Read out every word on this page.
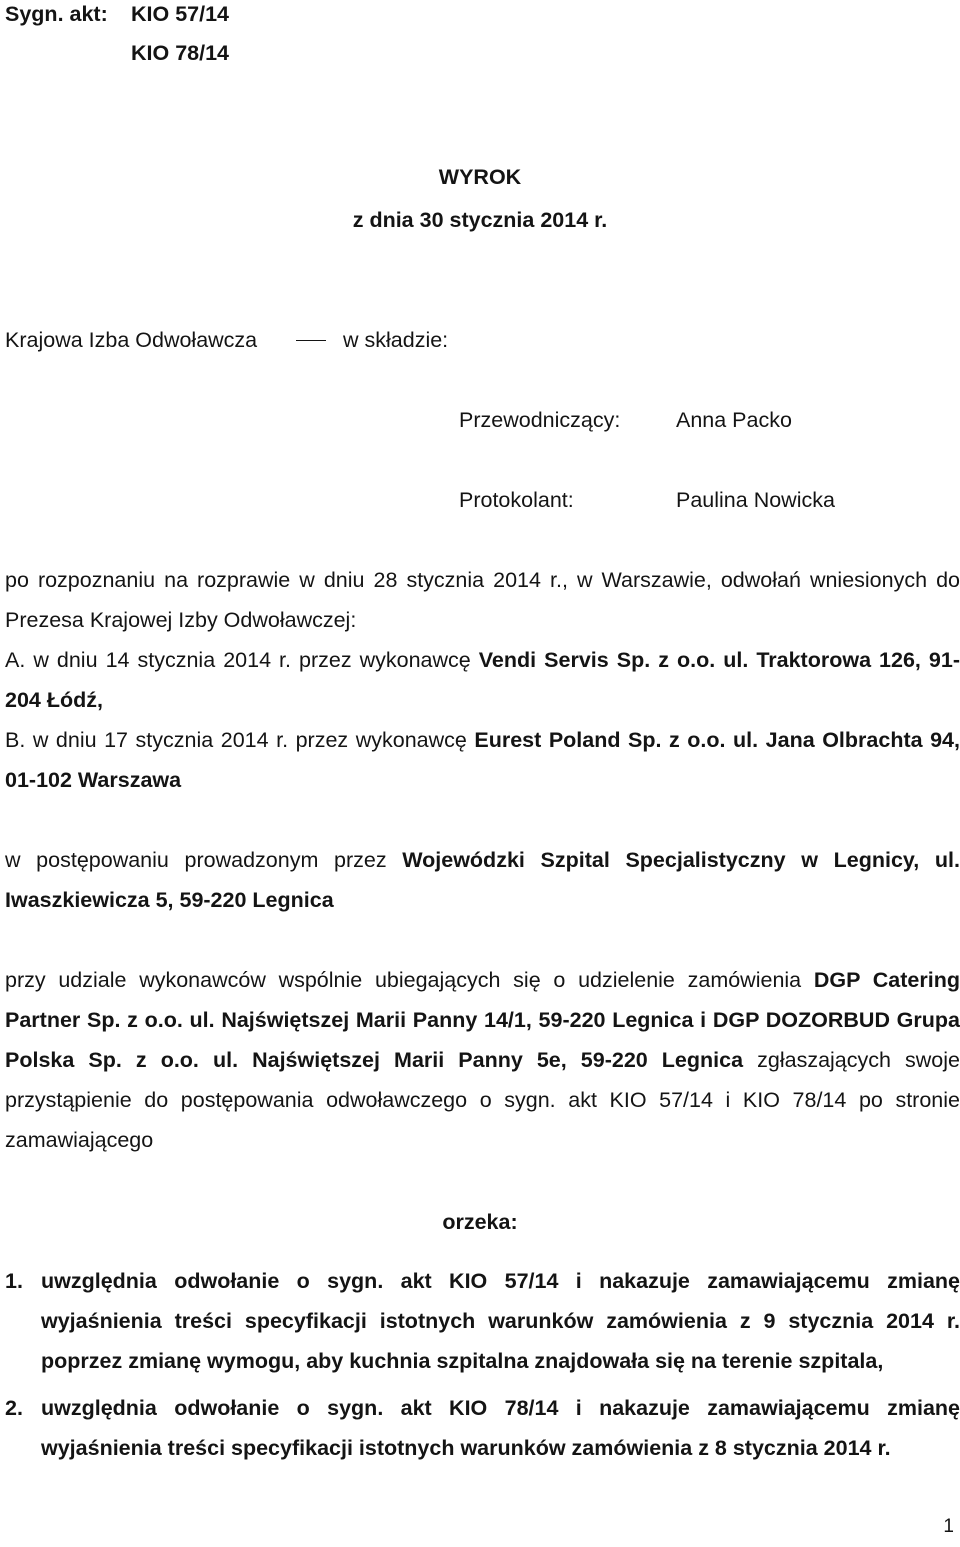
Sygn. akt: KIO 57/14
KIO 78/14
WYROK
z dnia 30 stycznia 2014 r.
Krajowa Izba Odwoławcza	w składzie:
Przewodniczący:	Anna Packo
Protokolant:	Paulina Nowicka
po rozpoznaniu na rozprawie w dniu 28 stycznia 2014 r., w Warszawie, odwołań wniesionych do Prezesa Krajowej Izby Odwoławczej:
A. w dniu 14 stycznia 2014 r. przez wykonawcę Vendi Servis Sp. z o.o. ul. Traktorowa 126, 91-204 Łódź,
B. w dniu 17 stycznia 2014 r. przez wykonawcę Eurest Poland Sp. z o.o. ul. Jana Olbrachta 94, 01-102 Warszawa
w postępowaniu prowadzonym przez Wojewódzki Szpital Specjalistyczny w Legnicy, ul. Iwaszkiewicza 5, 59-220 Legnica
przy udziale wykonawców wspólnie ubiegających się o udzielenie zamówienia DGP Catering Partner Sp. z o.o. ul. Najświętszej Marii Panny 14/1, 59-220 Legnica i DGP DOZORBUD Grupa Polska Sp. z o.o. ul. Najświętszej Marii Panny 5e, 59-220 Legnica zgłaszających swoje przystąpienie do postępowania odwoławczego o sygn. akt KIO 57/14 i KIO 78/14 po stronie zamawiającego
orzeka:
1. uwzględnia odwołanie o sygn. akt KIO 57/14 i nakazuje zamawiającemu zmianę wyjaśnienia treści specyfikacji istotnych warunków zamówienia z 9 stycznia 2014 r. poprzez zmianę wymogu, aby kuchnia szpitalna znajdowała się na terenie szpitala,
2. uwzględnia odwołanie o sygn. akt KIO 78/14 i nakazuje zamawiającemu zmianę wyjaśnienia treści specyfikacji istotnych warunków zamówienia z 8 stycznia 2014 r.
1
